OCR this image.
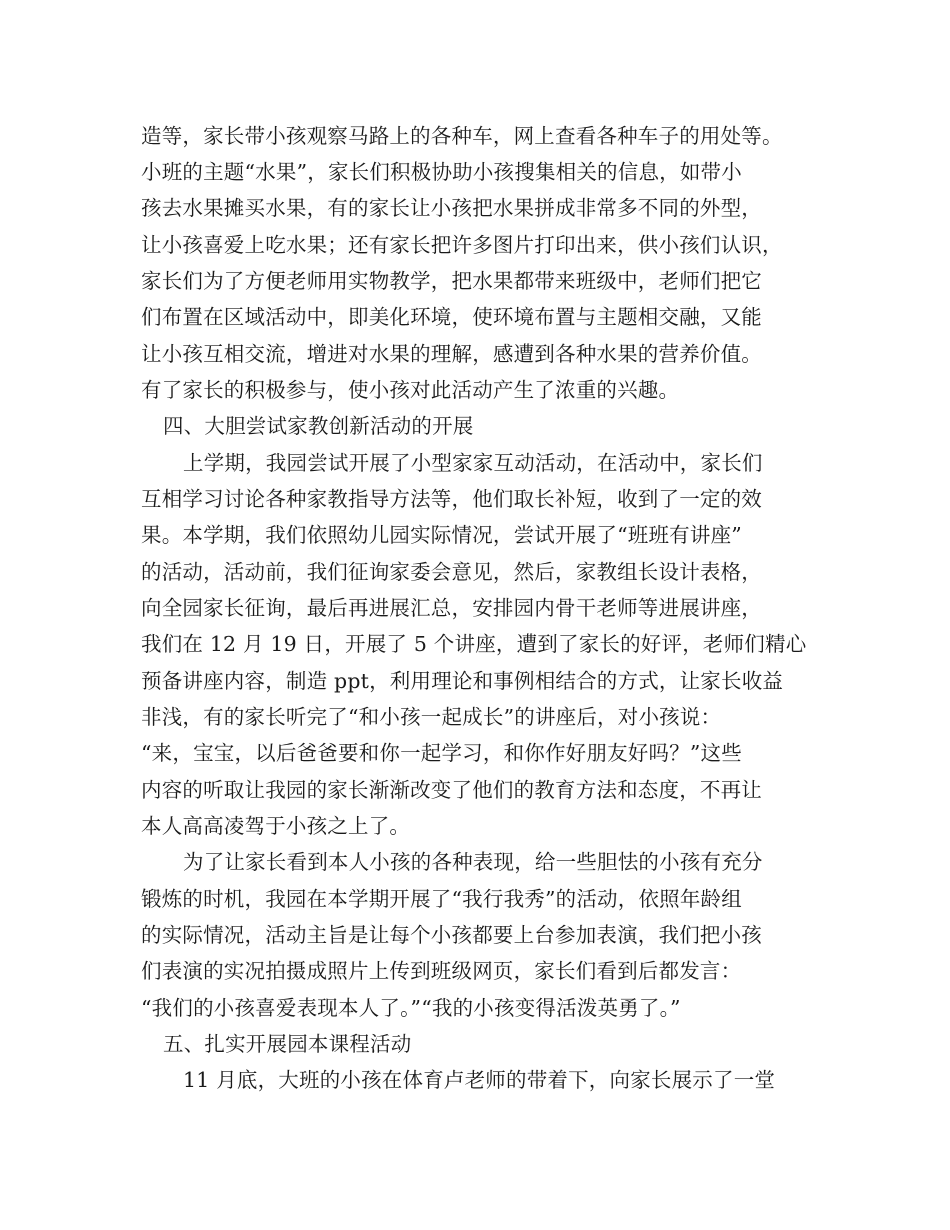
造等，家长带小孩观察马路上的各种车，网上查看各种车子的用处等。
小班的主题“水果”，家长们积极协助小孩搜集相关的信息，如带小
孩去水果摊买水果，有的家长让小孩把水果拼成非常多不同的外型，
让小孩喜爱上吃水果；还有家长把许多图片打印出来，供小孩们认识，
家长们为了方便老师用实物教学，把水果都带来班级中，老师们把它
们布置在区域活动中，即美化环境，使环境布置与主题相交融，又能
让小孩互相交流，增进对水果的理解，感遭到各种水果的营养价值。
有了家长的积极参与，使小孩对此活动产生了浓重的兴趣。
四、大胆尝试家教创新活动的开展
上学期，我园尝试开展了小型家家互动活动，在活动中，家长们
互相学习讨论各种家教指导方法等，他们取长补短，收到了一定的效
果。本学期，我们依照幼儿园实际情况，尝试开展了“班班有讲座”
的活动，活动前，我们征询家委会意见，然后，家教组长设计表格，
向全园家长征询，最后再进展汇总，安排园内骨干老师等进展讲座，
我们在 12 月 19 日，开展了 5 个讲座，遭到了家长的好评，老师们精心
预备讲座内容，制造 ppt，利用理论和事例相结合的方式，让家长收益
非浅，有的家长听完了“和小孩一起成长”的讲座后，对小孩说：
“来，宝宝，以后爸爸要和你一起学习，和你作好朋友好吗？”这些
内容的听取让我园的家长渐渐改变了他们的教育方法和态度，不再让
本人高高凌驾于小孩之上了。
为了让家长看到本人小孩的各种表现，给一些胆怯的小孩有充分
锻炼的时机，我园在本学期开展了“我行我秀”的活动，依照年龄组
的实际情况，活动主旨是让每个小孩都要上台参加表演，我们把小孩
们表演的实况拍摄成照片上传到班级网页，家长们看到后都发言：
“我们的小孩喜爱表现本人了。”“我的小孩变得活泼英勇了。”
五、扎实开展园本课程活动
11 月底，大班的小孩在体育卢老师的带着下，向家长展示了一堂
